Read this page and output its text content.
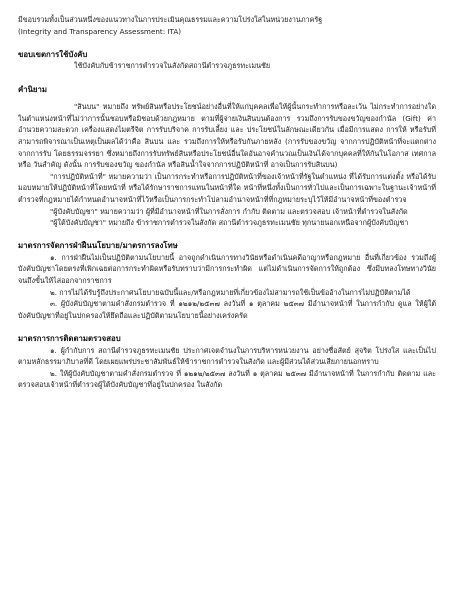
มีขอบรวมทั้งเป็นส่วนหนึ่งของแนวทางในการประเมินคุณธรรมและความโปร่งใสในหน่วยงานภาครัฐ

(Integrity and Transparency Assessment: ITA)

ขอบเขตการใช้บังคับ

ใช้บังคับกับข้าราชการตำรวจในสังกัดสถานีตำรวจภูธรทะเมนชัย

คำนิยาม

"สินบน" หมายถึง ทรัพย์สินหรือประโยชน์อย่างอื่นที่ให้แก่บุคคลเพื่อให้ผู้นั้นกระทำการหรือละเว้น ไม่กระทำการอย่างใดในตำแหน่งหน้าที่ไม่ว่าการนั้นชอบหรือมิชอบด้วยกฎหมาย ตามที่ผู้จ่ายเงินสินบนต้องการ รวมถึงการรับของขวัญของกำนัล (Gift) ค่าอำนวยความสะดวก เครื่องแสดงไมตรีจิต การรับบริจาค การรับเลี้ยง และ ประโยชน์ในลักษณะเดียวกัน เมื่อมีการแสดง การให้ หรือรับที่สามารถพิจารณาเป็นเหตุเป็นผลได้ว่าคือ สินบน และ รวมถึงการให้หรือรับกันภายหลัง (การรับของขวัญ จากการปฏิบัติหน้าที่จะแตกต่างจากการรับ โดยธรรมจรรยา ซึ่งหมายถึงการรับทรัพย์สินหรือประโยชน์อื่นใดอันอาจคำนวณเป็นเงินได้จากบุคคลที่ให้กันในโอกาส เทศกาล หรือ วันสำคัญ ดังนั้น การรับของขวัญ ของกำนัล หรือสินน้ำใจจากการปฏิบัติหน้าที่ อาจเป็นการรับสินบน)

"การปฏิบัติหน้าที่" หมายความว่า เป็นการกระทำหรือการปฏิบัติหน้าที่ของเจ้าหน้าที่รัฐในตำแหน่ง ที่ได้รับการแต่งตั้ง หรือได้รับมอบหมายให้ปฏิบัติหน้าที่โดยหน้าที่ หรือได้รักษาราชการแทนในหน้าที่ใด หน้าที่หนึ่งทั้งเป็นการทั่วไปและเป็นการเฉพาะในฐานะเจ้าหน้าที่ตำรวจที่กฎหมายได้กำหนดอำนาจหน้าที่ไว้หรือเป็นการกระทำโปลามอำนาจหน้าที่ที่กฎหมายระบุไว้ให้มีอำนาจหน้าที่ของตำรวจ

"ผู้บังคับบัญชา" หมายความว่า ผู้ที่มีอำนาจหน้าที่ในการสั่งการ กำกับ ติดตาม และตรวจสอบ เจ้าหน้าที่ตำรวจในสังกัด

"ผู้ใต้บังคับบัญชา" หมายถึง ข้าราชการตำรวจในสังกัด สถานีตำรวจภูธรทะเมนชัย ทุกนายนอกเหนือจากผู้บังคับบัญชา

มาตรการจัดการฝ่าฝืนนโยบาย/มาตรการลงโทษ

๑. การฝ่าฝืนไม่เป็นปฏิบัติตามนโยบายนี้ อาจถูกดำเนินการทางวินัยหรือดำเนินคดีอาญาหรือกฎหมาย อื่นที่เกี่ยวข้อง รวมถึงผู้บังคับบัญชาโดยตรงที่เพิกเฉยต่อการกระทำผิดหรือรับทราบว่ามีการกระทำผิด แต่ไม่ดำเนินการจัดการให้ถูกต้อง ซึ่งมีบทลงโทษทางวินัยจนถึงขั้นให้ไล่ออกจากราชการ

๒. การไม่ได้รับรู้ถึงประกาศนโยบายฉบับนี้และ/หรือกฎหมายที่เกี่ยวข้องไม่สามารถใช้เป็นข้ออ้างในการไม่ปฏิบัติตามได้

๓. ผู้บังคับบัญชาตามคำสั่งกรมตำรวจ ที่ ๑๒๑๒/๒๕๓๗ ลงวันที่ ๑ ตุลาคม ๒๕๓๗ มีอำนาจหน้าที่ ในการกำกับ ดูแล ให้ผู้ใต้บังคับบัญชาที่อยู่ในปกครองให้ยึดถือและปฏิบัติตามนโยบายนี้อย่างเคร่งครัด

มาตรการการติดตามตรวจสอบ

๑. ผู้กำกับการ สถานีตำรวจภูธรทะเมนชัย ประกาศเจตจำนงในการบริหารหน่วยงาน อย่างซื่อสัตย์ สุจริต โปร่งใส และเป็นไปตามหลักธรรมาภิบาลที่ดี โดยเผยแพร่ประชาสัมพันธ์ให้ข้าราชการตำรวจในสังกัด และผู้มีส่วนได้ส่วนเสียภายนอกทราบ

๒. ให้ผู้บังคับบัญชาตามคำสั่งกรมตำรวจ ที่ ๑๒๑๒/๒๕๓๗ ลงวันที่ ๑ ตุลาคม ๒๕๓๗ มีอำนาจหน้าที่ ในการกำกับ ติดตาม และตรวจสอบเจ้าหน้าที่ตำรวจผู้ใต้บังคับบัญชาที่อยู่ในปกครอง ในสังกัด
